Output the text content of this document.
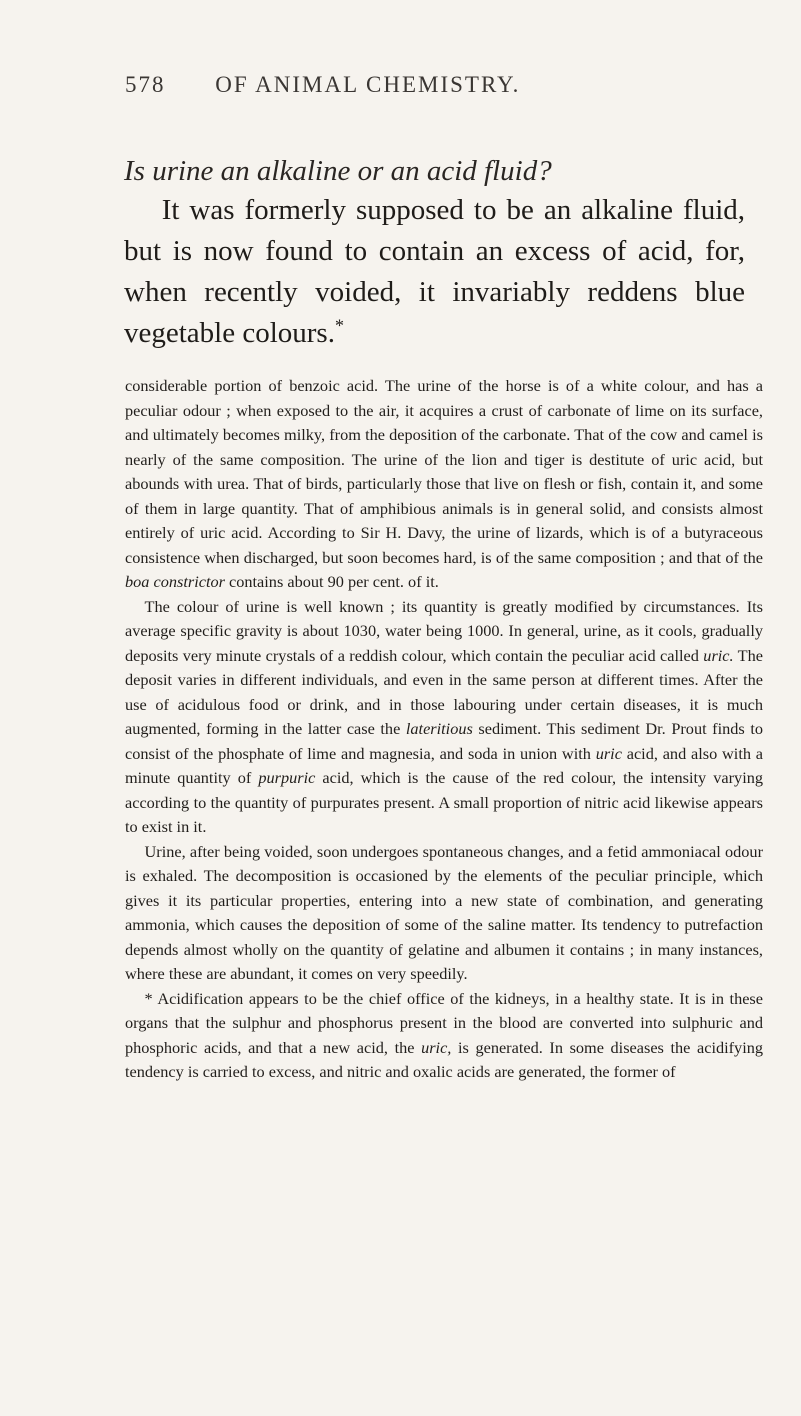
578 OF ANIMAL CHEMISTRY.
Is urine an alkaline or an acid fluid?
It was formerly supposed to be an alkaline fluid, but is now found to contain an excess of acid, for, when recently voided, it invariably reddens blue vegetable colours.*

considerable portion of benzoic acid. The urine of the horse is of a white colour, and has a peculiar odour ; when exposed to the air, it acquires a crust of carbonate of lime on its surface, and ultimately becomes milky, from the deposition of the carbonate. That of the cow and camel is nearly of the same composition. The urine of the lion and tiger is destitute of uric acid, but abounds with urea. That of birds, particularly those that live on flesh or fish, contain it, and some of them in large quantity. That of amphibious animals is in general solid, and consists almost entirely of uric acid. According to Sir H. Davy, the urine of lizards, which is of a butyraceous consistence when discharged, but soon becomes hard, is of the same composition ; and that of the boa constrictor contains about 90 per cent. of it.

The colour of urine is well known ; its quantity is greatly modified by circumstances. Its average specific gravity is about 1030, water being 1000. In general, urine, as it cools, gradually deposits very minute crystals of a reddish colour, which contain the peculiar acid called uric. The deposit varies in different individuals, and even in the same person at different times. After the use of acidulous food or drink, and in those labouring under certain diseases, it is much augmented, forming in the latter case the lateritious sediment. This sediment Dr. Prout finds to consist of the phosphate of lime and magnesia, and soda in union with uric acid, and also with a minute quantity of purpuric acid, which is the cause of the red colour, the intensity varying according to the quantity of purpurates present. A small proportion of nitric acid likewise appears to exist in it.

Urine, after being voided, soon undergoes spontaneous changes, and a fetid ammoniacal odour is exhaled. The decomposition is occasioned by the elements of the peculiar principle, which gives it its particular properties, entering into a new state of combination, and generating ammonia, which causes the deposition of some of the saline matter. Its tendency to putrefaction depends almost wholly on the quantity of gelatine and albumen it contains ; in many instances, where these are abundant, it comes on very speedily.

* Acidification appears to be the chief office of the kidneys, in a healthy state. It is in these organs that the sulphur and phosphorus present in the blood are converted into sulphuric and phosphoric acids, and that a new acid, the uric, is generated. In some diseases the acidifying tendency is carried to excess, and nitric and oxalic acids are generated, the former of
